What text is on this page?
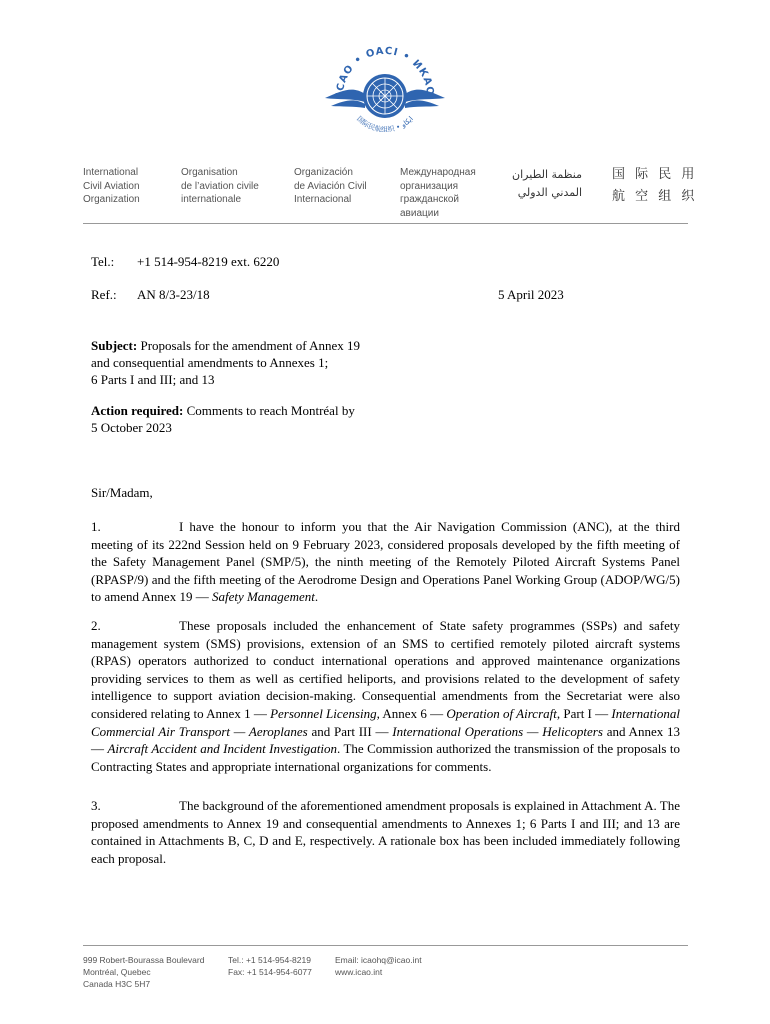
ICAO • OACI • ИКАО
国际民航组织 • ایکاو
International
Civil Aviation
Organization
Organisation
de l’aviation civile
internationale
Organización
de Aviación Civil
Internacional
Международная
организация
гражданской
авиации
منظمة الطيران
المدني الدولي
国 际 民 用
航 空 组 织
Tel.: +1 514-954-8219 ext. 6220
Ref.: AN 8/3-23/18	5 April 2023
Subject: Proposals for the amendment of Annex 19
and consequential amendments to Annexes 1;
6 Parts I and III; and 13
Action required: Comments to reach Montréal by
5 October 2023
Sir/Madam,
1.	I have the honour to inform you that the Air Navigation Commission (ANC), at the third meeting of its 222nd Session held on 9 February 2023, considered proposals developed by the fifth meeting of the Safety Management Panel (SMP/5), the ninth meeting of the Remotely Piloted Aircraft Systems Panel (RPASP/9) and the fifth meeting of the Aerodrome Design and Operations Panel Working Group (ADOP/WG/5) to amend Annex 19 — Safety Management.
2.	These proposals included the enhancement of State safety programmes (SSPs) and safety management system (SMS) provisions, extension of an SMS to certified remotely piloted aircraft systems (RPAS) operators authorized to conduct international operations and approved maintenance organizations providing services to them as well as certified heliports, and provisions related to the development of safety intelligence to support aviation decision-making. Consequential amendments from the Secretariat were also considered relating to Annex 1 — Personnel Licensing, Annex 6 — Operation of Aircraft, Part I — International Commercial Air Transport — Aeroplanes and Part III — International Operations — Helicopters and Annex 13 — Aircraft Accident and Incident Investigation. The Commission authorized the transmission of the proposals to Contracting States and appropriate international organizations for comments.
3.	The background of the aforementioned amendment proposals is explained in Attachment A. The proposed amendments to Annex 19 and consequential amendments to Annexes 1; 6 Parts I and III; and 13 are contained in Attachments B, C, D and E, respectively. A rationale box has been included immediately following each proposal.
999 Robert-Bourassa Boulevard
Montréal, Quebec
Canada H3C 5H7
Tel.: +1 514-954-8219
Fax: +1 514-954-6077
Email: icaohq@icao.int
www.icao.int
